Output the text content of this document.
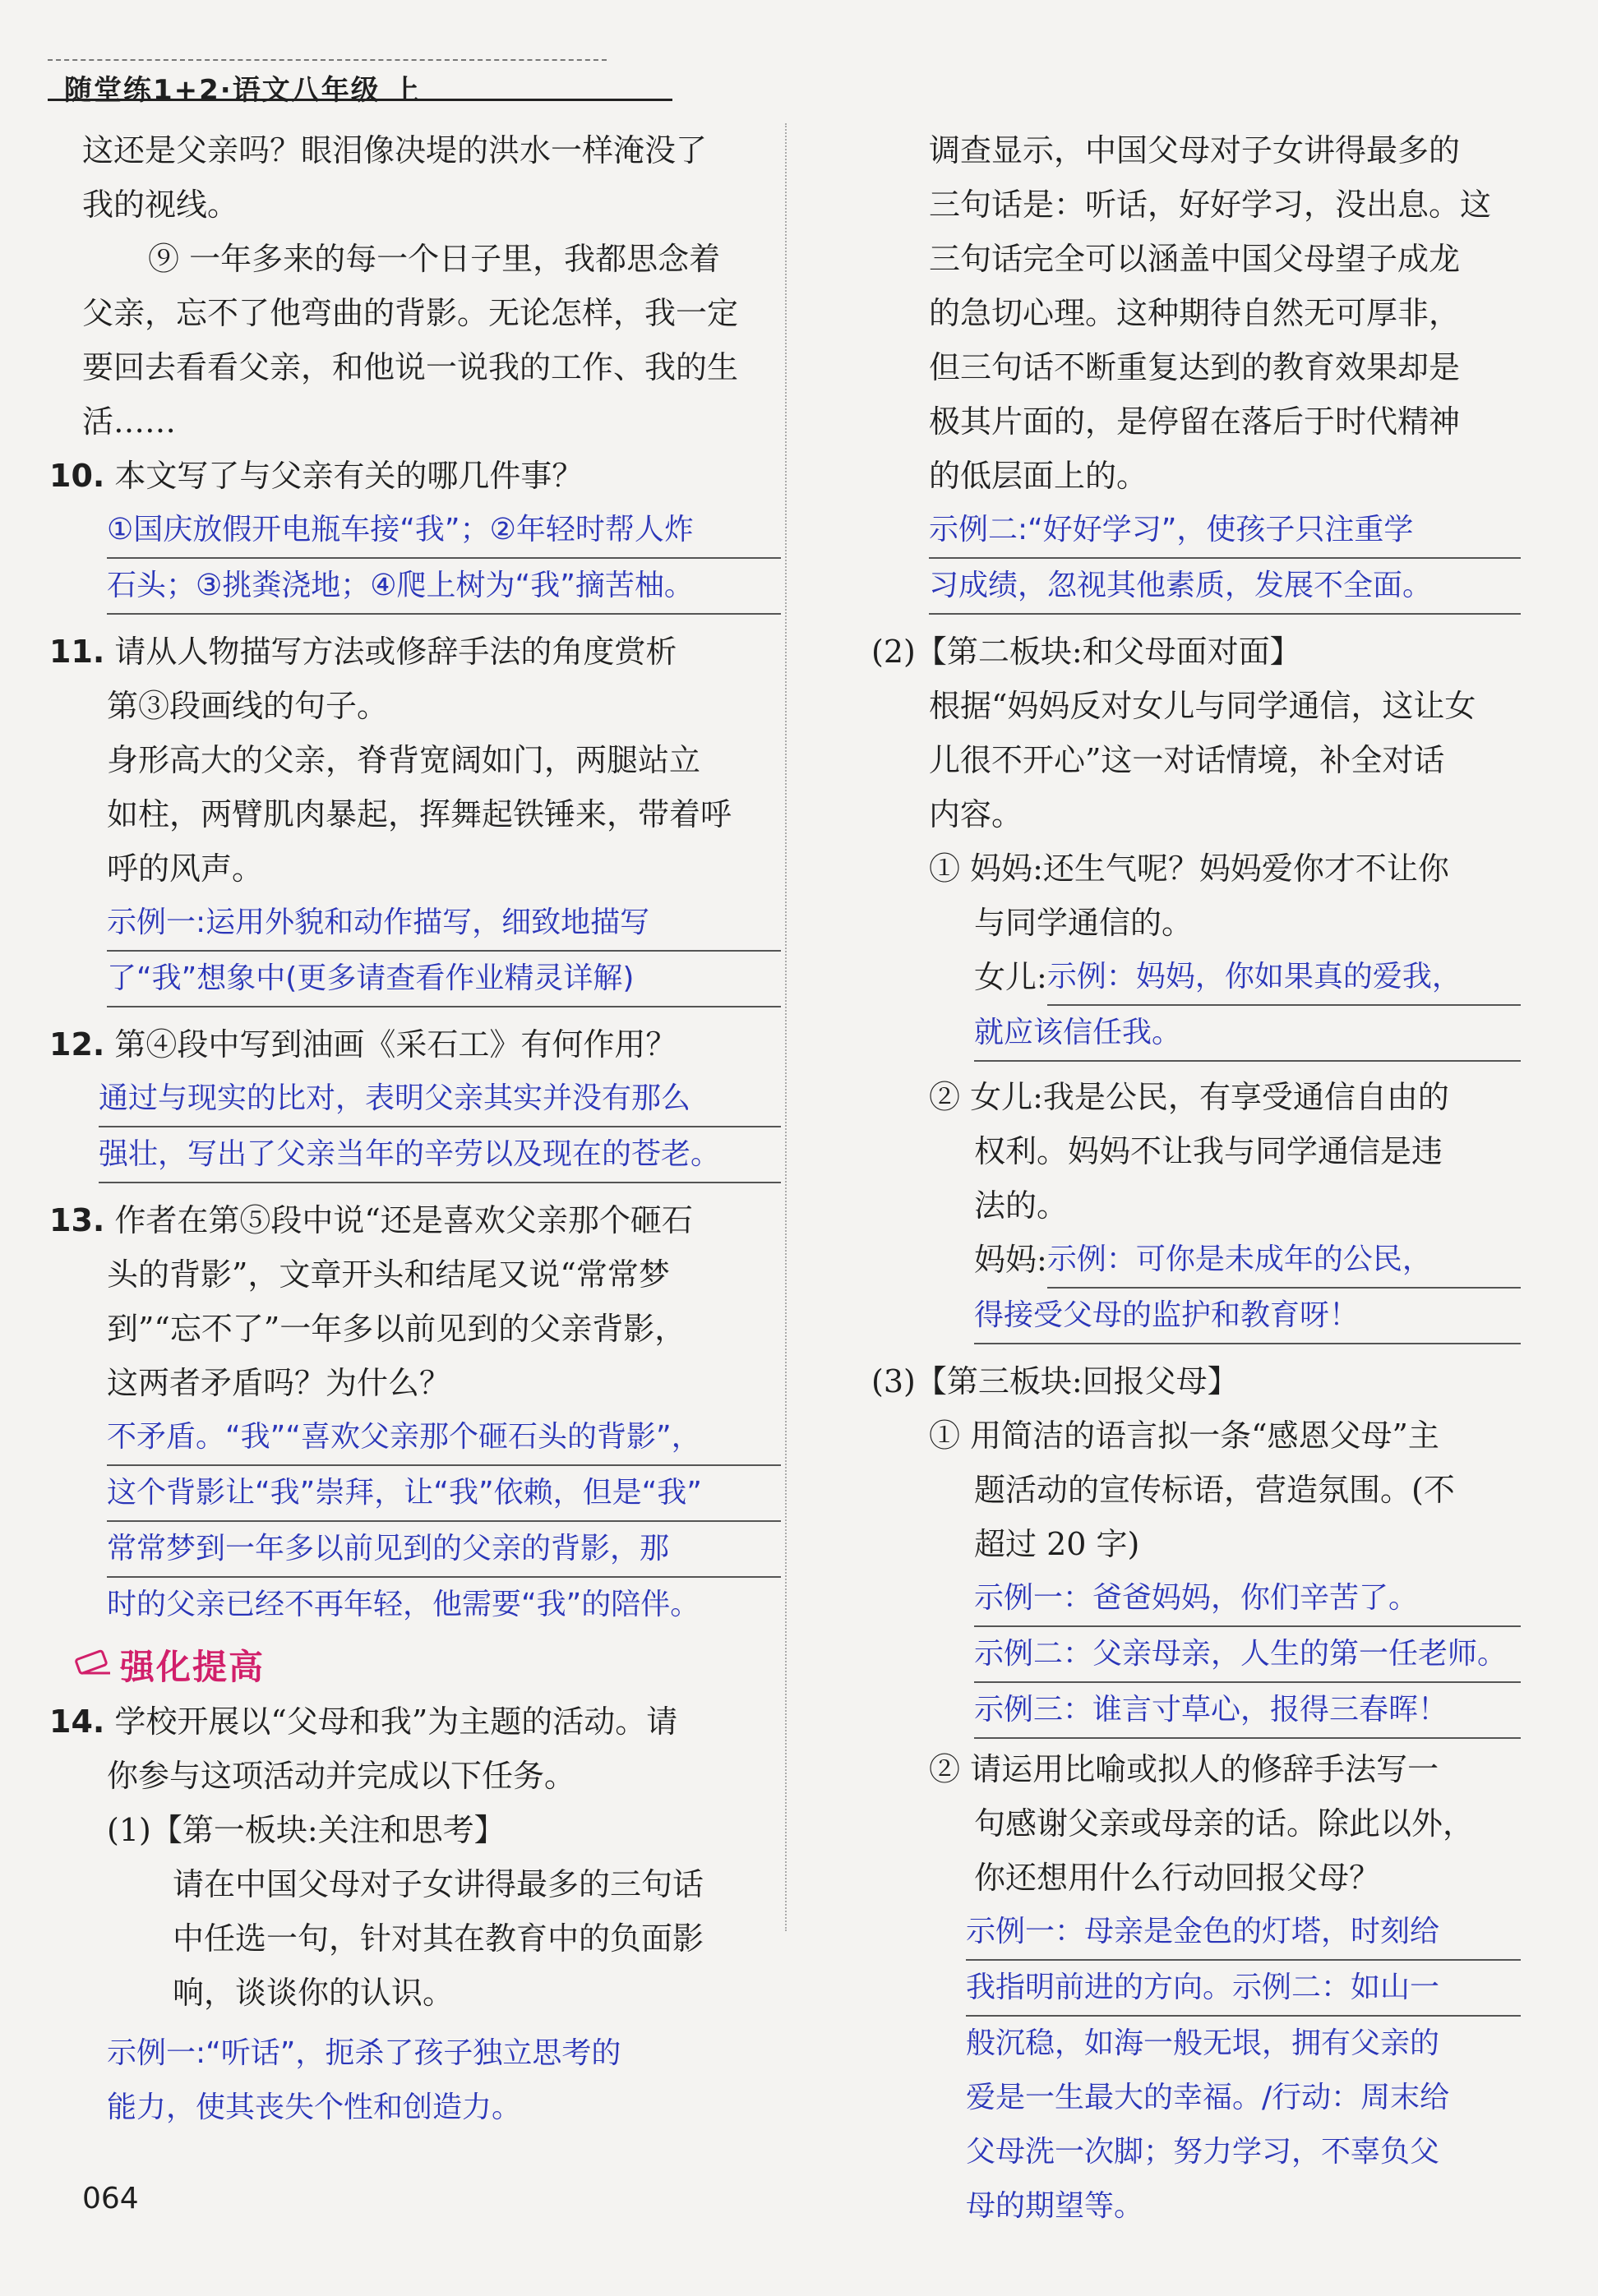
随堂练1+2·语文八年级 上

这还是父亲吗？眼泪像决堤的洪水一样淹没了

我的视线。

⑨ 一年多来的每一个日子里，我都思念着

父亲，忘不了他弯曲的背影。无论怎样，我一定

要回去看看父亲，和他说一说我的工作、我的生

活……

10. 本文写了与父亲有关的哪几件事？

①国庆放假开电瓶车接“我”；②年轻时帮人炸
石头；③挑粪浇地；④爬上树为“我”摘苦柚。

11. 请从人物描写方法或修辞手法的角度赏析

第③段画线的句子。

身形高大的父亲，脊背宽阔如门，两腿站立

如柱，两臂肌肉暴起，挥舞起铁锤来，带着呼

呼的风声。

示例一:运用外貌和动作描写，细致地描写
了“我”想象中(更多请查看作业精灵详解)

12. 第④段中写到油画《采石工》有何作用？

通过与现实的比对，表明父亲其实并没有那么
强壮，写出了父亲当年的辛劳以及现在的苍老。

13. 作者在第⑤段中说“还是喜欢父亲那个砸石

头的背影”，文章开头和结尾又说“常常梦

到”“忘不了”一年多以前见到的父亲背影，

这两者矛盾吗？为什么？

不矛盾。“我”“喜欢父亲那个砸石头的背影”，
这个背影让“我”崇拜，让“我”依赖，但是“我”
常常梦到一年多以前见到的父亲的背影，那
时的父亲已经不再年轻，他需要“我”的陪伴。
强化提高

14. 学校开展以“父母和我”为主题的活动。请

你参与这项活动并完成以下任务。

(1)【第一板块:关注和思考】

请在中国父母对子女讲得最多的三句话

中任选一句，针对其在教育中的负面影

响，谈谈你的认识。

示例一:“听话”，扼杀了孩子独立思考的
能力，使其丧失个性和创造力。

调查显示，中国父母对子女讲得最多的

三句话是：听话，好好学习，没出息。这

三句话完全可以涵盖中国父母望子成龙

的急切心理。这种期待自然无可厚非，

但三句话不断重复达到的教育效果却是

极其片面的，是停留在落后于时代精神

的低层面上的。

示例二:“好好学习”，使孩子只注重学
习成绩，忽视其他素质，发展不全面。

(2)【第二板块:和父母面对面】

根据“妈妈反对女儿与同学通信，这让女

儿很不开心”这一对话情境，补全对话

内容。

① 妈妈:还生气呢？妈妈爱你才不让你

与同学通信的。

女儿: 示例：妈妈，你如果真的爱我，
就应该信任我。

② 女儿:我是公民，有享受通信自由的

权利。妈妈不让我与同学通信是违

法的。

妈妈: 示例：可你是未成年的公民，
得接受父母的监护和教育呀！

(3)【第三板块:回报父母】

① 用简洁的语言拟一条“感恩父母”主

题活动的宣传标语，营造氛围。(不

超过 20 字)

示例一：爸爸妈妈，你们辛苦了。
示例二：父亲母亲，人生的第一任老师。
示例三：谁言寸草心，报得三春晖！

② 请运用比喻或拟人的修辞手法写一

句感谢父亲或母亲的话。除此以外，

你还想用什么行动回报父母？

示例一：母亲是金色的灯塔，时刻给
我指明前进的方向。示例二：如山一
般沉稳，如海一般无垠，拥有父亲的
爱是一生最大的幸福。/行动：周末给
父母洗一次脚；努力学习，不辜负父
母的期望等。
064
